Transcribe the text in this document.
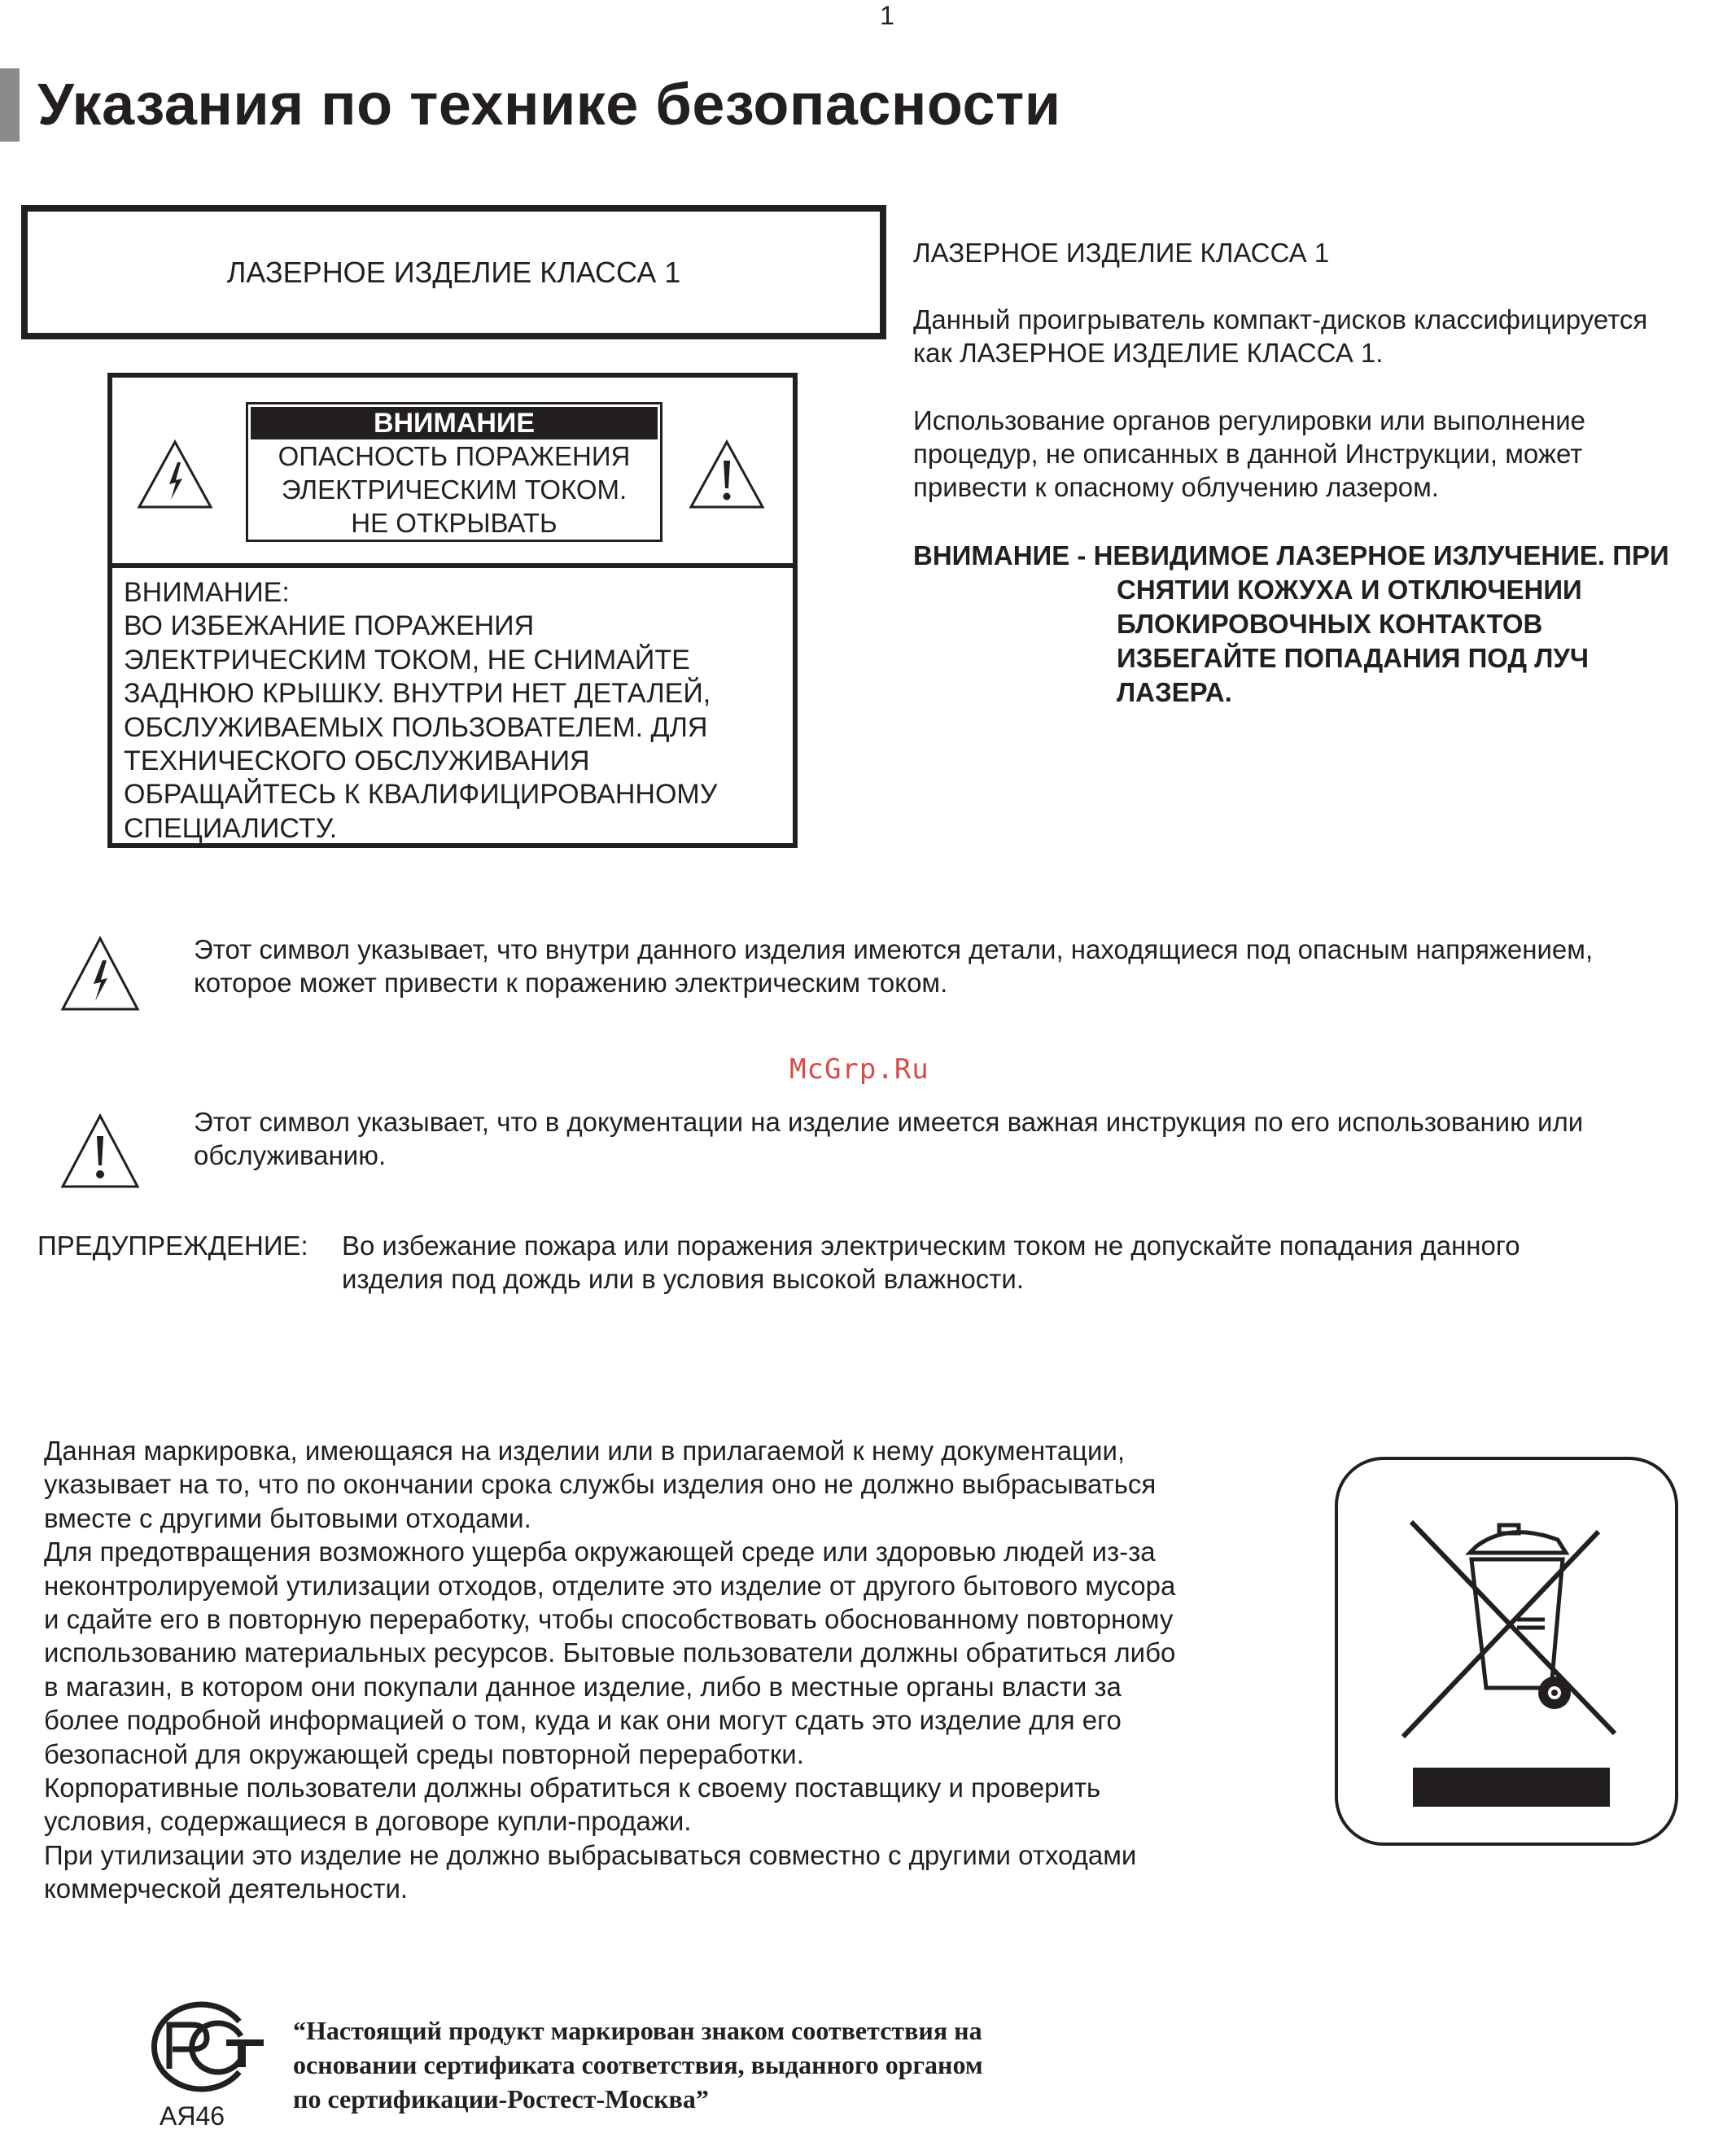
1
Указания по технике безопасности
ЛАЗЕРНОЕ ИЗДЕЛИЕ КЛАССА 1
ВНИМАНИЕ
ОПАСНОСТЬ ПОРАЖЕНИЯ
ЭЛЕКТРИЧЕСКИМ ТОКОМ.
НЕ ОТКРЫВАТЬ
ВНИМАНИЕ:
ВО ИЗБЕЖАНИЕ ПОРАЖЕНИЯ
ЭЛЕКТРИЧЕСКИМ ТОКОМ, НЕ СНИМАЙТЕ
ЗАДНЮЮ КРЫШКУ. ВНУТРИ НЕТ ДЕТАЛЕЙ,
ОБСЛУЖИВАЕМЫХ ПОЛЬЗОВАТЕЛЕМ. ДЛЯ
ТЕХНИЧЕСКОГО ОБСЛУЖИВАНИЯ
ОБРАЩАЙТЕСЬ К КВАЛИФИЦИРОВАННОМУ
СПЕЦИАЛИСТУ.
ЛАЗЕРНОЕ ИЗДЕЛИЕ КЛАССА 1
Данный проигрыватель компакт-дисков классифицируется
как ЛАЗЕРНОЕ ИЗДЕЛИЕ КЛАССА 1.
Использование органов регулировки или выполнение
процедур, не описанных в данной Инструкции, может
привести к опасному облучению лазером.
ВНИМАНИЕ - НЕВИДИМОЕ ЛАЗЕРНОЕ ИЗЛУЧЕНИЕ. ПРИ
СНЯТИИ КОЖУХА И ОТКЛЮЧЕНИИ
БЛОКИРОВОЧНЫХ КОНТАКТОВ
ИЗБЕГАЙТЕ ПОПАДАНИЯ ПОД ЛУЧ
ЛАЗЕРА.
Этот символ указывает, что внутри данного изделия имеются детали, находящиеся под опасным напряжением,
которое может привести к поражению электрическим током.
McGrp.Ru
Этот символ указывает, что в документации на изделие имеется важная инструкция по его использованию или
обслуживанию.
ПРЕДУПРЕЖДЕНИЕ: Во избежание пожара или поражения электрическим током не допускайте попадания данного
изделия под дождь или в условия высокой влажности.
Данная маркировка, имеющаяся на изделии или в прилагаемой к нему документации,
указывает на то, что по окончании срока службы изделия оно не должно выбрасываться
вместе с другими бытовыми отходами.
Для предотвращения возможного ущерба окружающей среде или здоровью людей из-за
неконтролируемой утилизации отходов, отделите это изделие от другого бытового мусора
и сдайте его в повторную переработку, чтобы способствовать обоснованному повторному
использованию материальных ресурсов. Бытовые пользователи должны обратиться либо
в магазин, в котором они покупали данное изделие, либо в местные органы власти за
более подробной информацией о том, куда и как они могут сдать это изделие для его
безопасной для окружающей среды повторной переработки.
Корпоративные пользователи должны обратиться к своему поставщику и проверить
условия, содержащиеся в договоре купли-продажи.
При утилизации это изделие не должно выбрасываться совместно с другими отходами
коммерческой деятельности.
АЯ46
“Настоящий продукт маркирован знаком соответствия на
основании сертификата соответствия, выданного органом
по сертификации-Ростест-Москва”
